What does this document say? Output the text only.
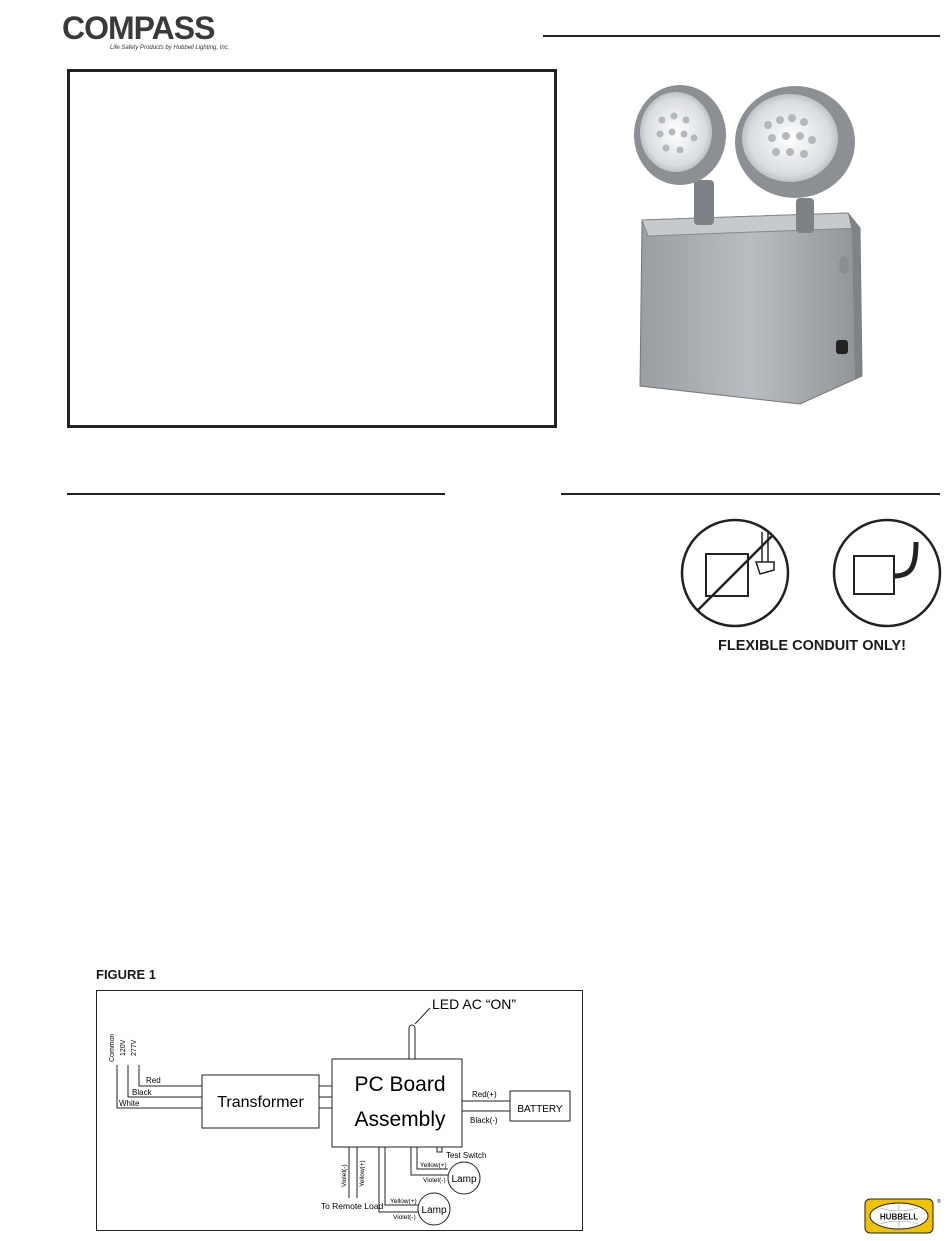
COMPASS
Life Safety Products by Hubbell Lighting, Inc.
FLEXIBLE CONDUIT ONLY!
FIGURE 1
LED AC “ON”
Common 120V 277V
Red
Black
White	Transformer
PC Board
Assembly
Red(+)
Black(-)
BATTERY
Test Switch
Yellow(+)
Violet(-) Lamp
Yellow(+)
Violet(-)
Lamp
Violet(-) Yellow(+)
To Remote Load
HUBBELL
®
